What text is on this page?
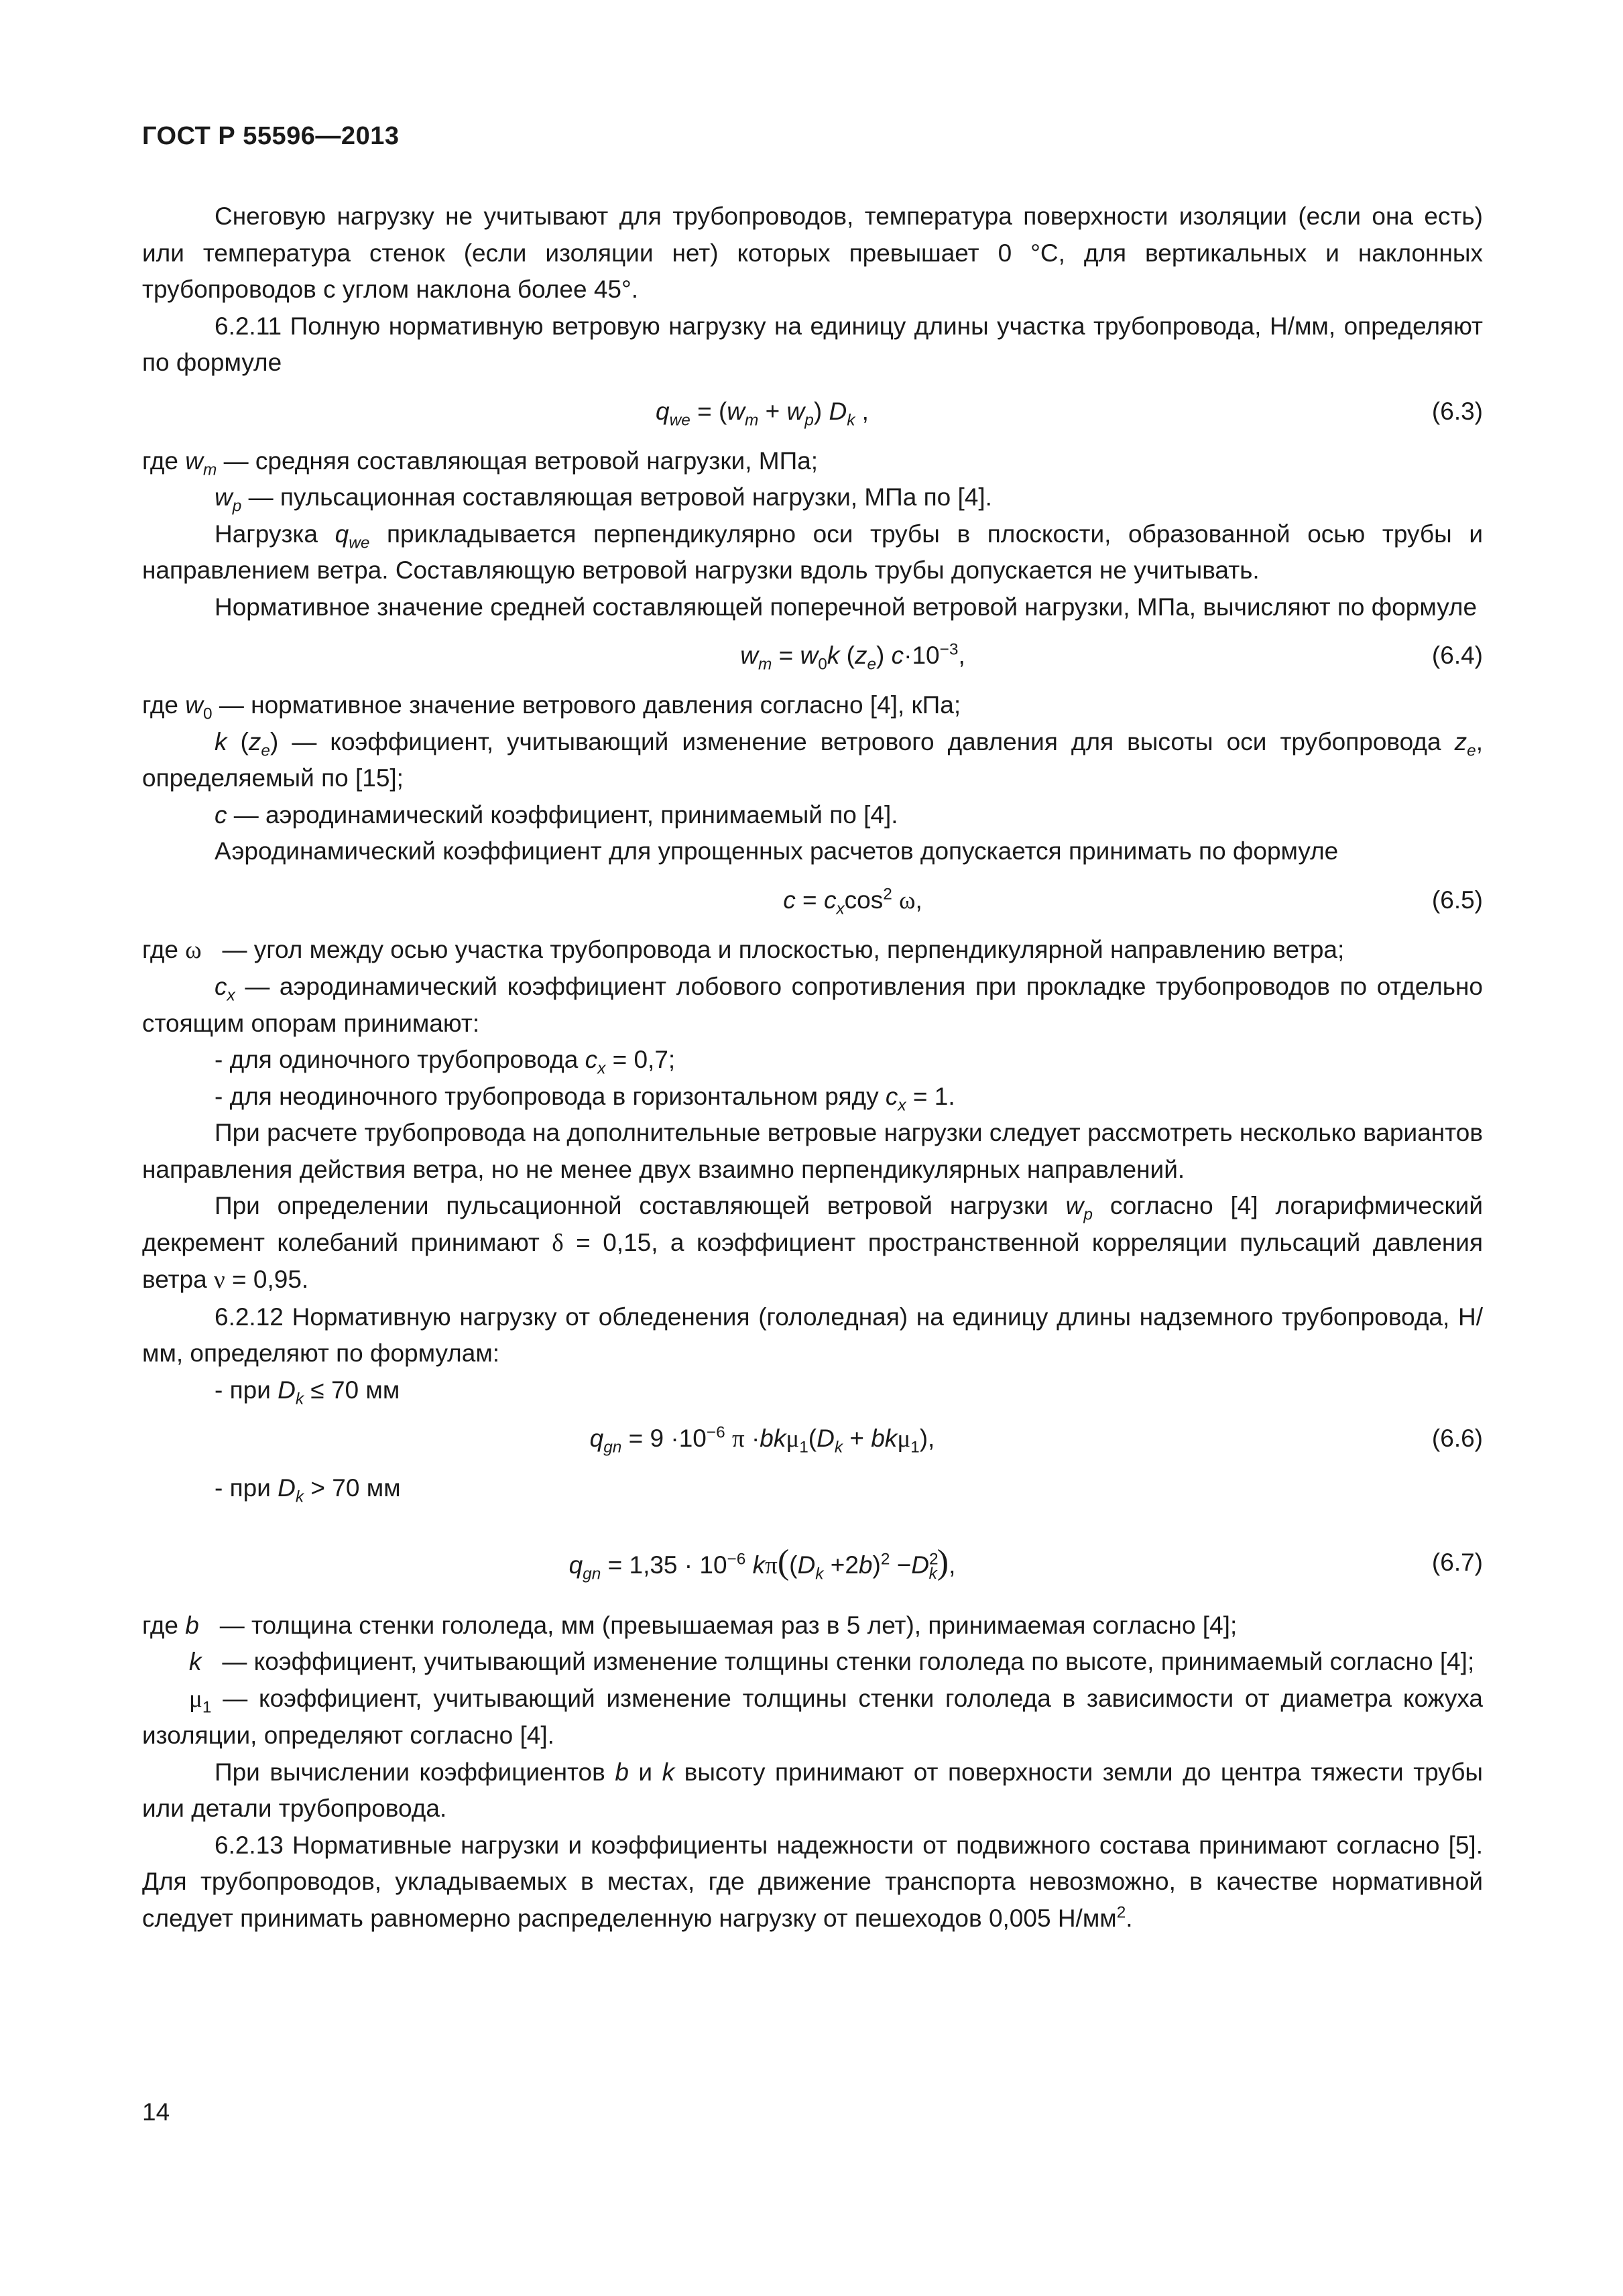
ГОСТ Р 55596—2013

Снеговую нагрузку не учитывают для трубопроводов, температура поверхности изоляции (если она есть) или температура стенок (если изоляции нет) которых превышает 0 °С, для вертикальных и наклонных трубопроводов с углом наклона более 45°.

6.2.11 Полную нормативную ветровую нагрузку на единицу длины участка трубопровода, Н/мм, определяют по формуле

$q_{we} = (w_m + w_p)$ $D_k$ ,	(6.3)

где $w_m$ — средняя составляющая ветровой нагрузки, МПа;

$w_p$ — пульсационная составляющая ветровой нагрузки, МПа по [4].

Нагрузка $q_{we}$ прикладывается перпендикулярно оси трубы в плоскости, образованной осью трубы и направлением ветра. Составляющую ветровой нагрузки вдоль трубы допускается не учитывать.

Нормативное значение средней составляющей поперечной ветровой нагрузки, МПа, вычисляют по формуле

$w_m = w_0k$ $(z_e)$ $c\cdot 10^{-3}$,	(6.4)

где $w_0$ — нормативное значение ветрового давления согласно [4], кПа;

k $(z_e)$ — коэффициент, учитывающий изменение ветрового давления для высоты оси трубопровода $z_e$, определяемый по [15];

c — аэродинамический коэффициент, принимаемый по [4].

Аэродинамический коэффициент для упрощенных расчетов допускается принимать по формуле

$c = c_x\cos^2$ ω,	(6.5)

где ω — угол между осью участка трубопровода и плоскостью, перпендикулярной направлению ветра;

$c_x$ — аэродинамический коэффициент лобового сопротивления при прокладке трубопроводов по отдельно стоящим опорам принимают:

- для одиночного трубопровода $c_x = 0,7$;

- для неодиночного трубопровода в горизонтальном ряду $c_x = 1$.

При расчете трубопровода на дополнительные ветровые нагрузки следует рассмотреть несколько вариантов направления действия ветра, но не менее двух взаимно перпендикулярных направлений.

При определении пульсационной составляющей ветровой нагрузки $w_p$ согласно [4] логарифмический декремент колебаний принимают δ = 0,15, а коэффициент пространственной корреляции пульсаций давления ветра ν = 0,95.

6.2.12 Нормативную нагрузку от обледенения (гололедная) на единицу длины надземного трубопровода, Н/мм, определяют по формулам:

- при $D_k \le 70$ мм

$q_{gn} = 9 \cdot 10^{-6}$ $\pi \cdot bk\mu_1(D_k + bk\mu_1)$,	(6.6)

- при $D_k > 70$ мм

$q_{gn} = 1,35 \cdot 10^{-6}$ $k\pi((D_k +2b)^2 -D^2_k)$,	(6.7)

где b — толщина стенки гололеда, мм (превышаемая раз в 5 лет), принимаемая согласно [4];

k — коэффициент, учитывающий изменение толщины стенки гололеда по высоте, принимаемый согласно [4];

$\mu_1$ — коэффициент, учитывающий изменение толщины стенки гололеда в зависимости от диаметра кожуха изоляции, определяют согласно [4].

При вычислении коэффициентов b и k высоту принимают от поверхности земли до центра тяжести трубы или детали трубопровода.

6.2.13 Нормативные нагрузки и коэффициенты надежности от подвижного состава принимают согласно [5]. Для трубопроводов, укладываемых в местах, где движение транспорта невозможно, в качестве нормативной следует принимать равномерно распределенную нагрузку от пешеходов 0,005 $Н/мм^2$.

14
